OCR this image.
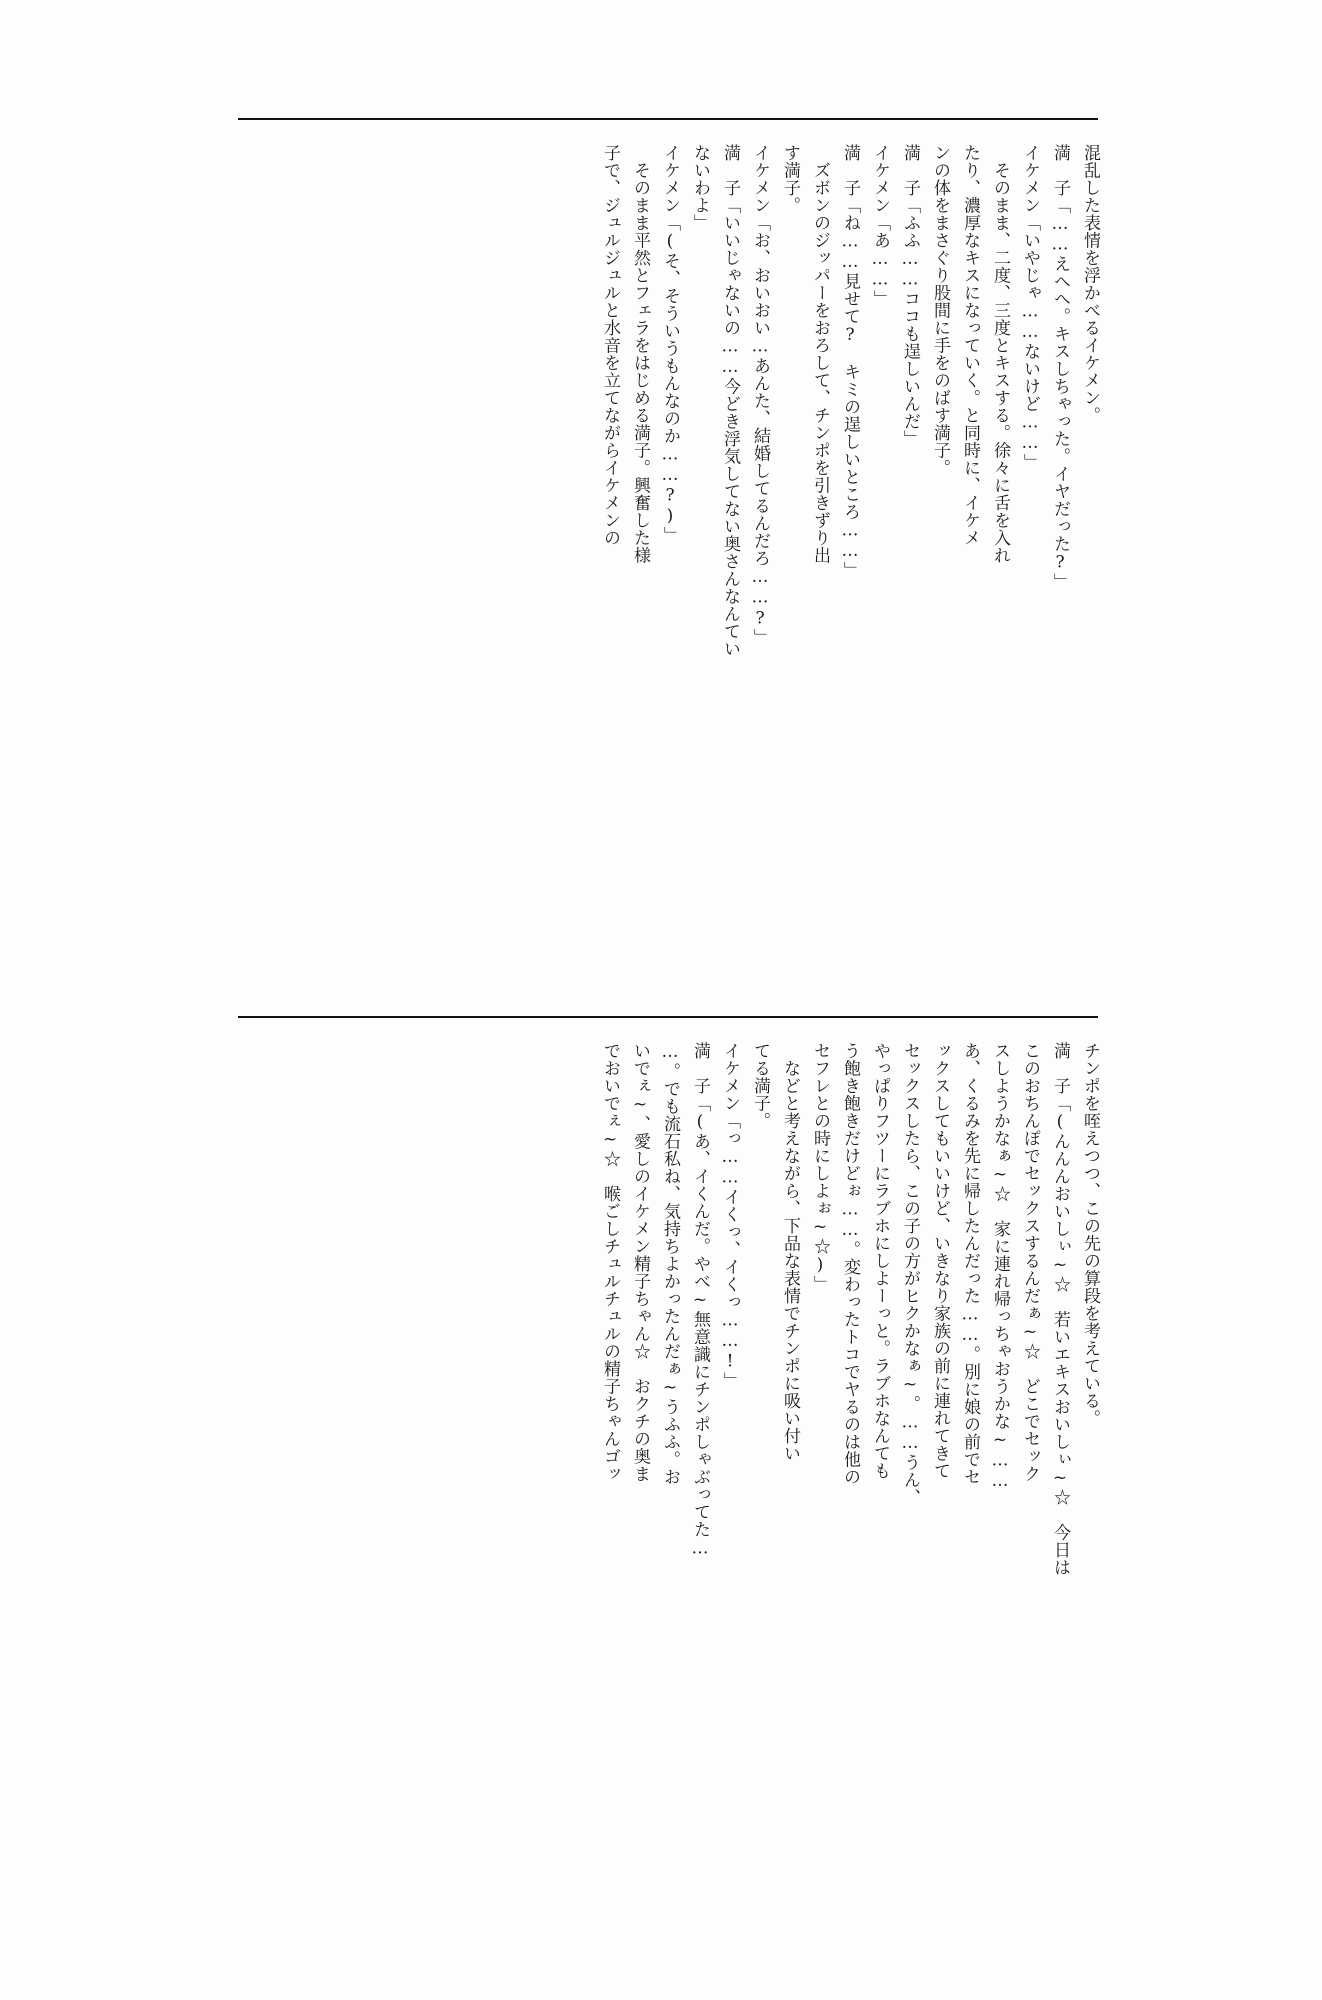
混乱した表情を浮かべるイケメン。
満　子「……えへへ。キスしちゃった。イヤだった?」
イケメン「いやじゃ……ないけど……」
　そのまま、二度、三度とキスする。徐々に舌を入れ
たり、濃厚なキスになっていく。と同時に、イケメ
ンの体をまさぐり股間に手をのばす満子。
満　子「ふふ……ココも逞しいんだ」
イケメン「あ……」
満　子「ね……見せて?　キミの逞しいところ……」
　ズボンのジッパーをおろして、チンポを引きずり出
す満子。
イケメン「お、おいおい…あんた、結婚してるんだろ……?」
満　子「いいじゃないの……今どき浮気してない奥さんなんてい
ないわよ」
イケメン「(そ、そういうもんなのか……?)」
　そのまま平然とフェラをはじめる満子。興奮した様
子で、ジュルジュルと水音を立てながらイケメンの
チンポを咥えつつ、この先の算段を考えている。
満　子「(んんんおいしぃ~☆　若いエキスおいしぃ~☆　今日は
このおちんぽでセックスするんだぁ~☆　どこでセック
スしようかなぁ~☆　家に連れ帰っちゃおうかな~……
あ、くるみを先に帰したんだった……。別に娘の前でセ
ックスしてもいいけど、いきなり家族の前に連れてきて
セックスしたら、この子の方がヒクかなぁ~。……うん、
やっぱりフツーにラブホにしよーっと。ラブホなんても
う飽き飽きだけどぉ……。変わったトコでヤるのは他の
セフレとの時にしよぉ~☆)」
　などと考えながら、下品な表情でチンポに吸い付い
てる満子。
イケメン「っ……イくっ、イくっ……!」
満　子「(あ、イくんだ。やべ~無意識にチンポしゃぶってた…
…。でも流石私ね、気持ちよかったんだぁ~うふふ。お
いでぇ~、愛しのイケメン精子ちゃん☆　おクチの奥ま
でおいでぇ~☆　喉ごしチュルチュルの精子ちゃんゴッ
